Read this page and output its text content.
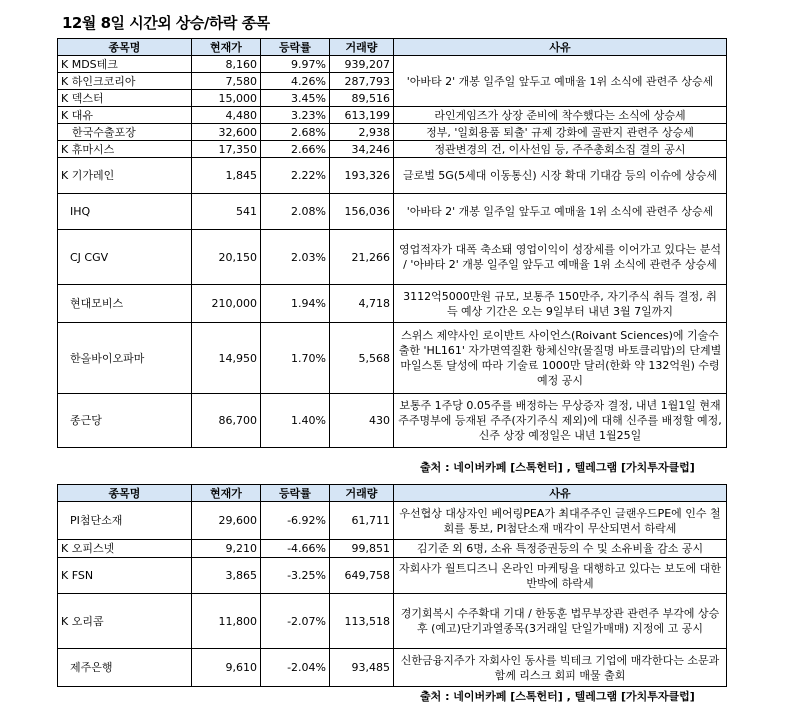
12월 8일 시간외 상승/하락 종목
종목명	현재가	등락률	거래량	사유
K MDS테크	8,160	9.97%	939,207	'아바타 2' 개봉 일주일 앞두고 예매율 1위 소식에 관련주 상승세
K 하인크코리아	7,580	4.26%	287,793	
K 덱스터	15,000	3.45%	89,516	
K 대유	4,480	3.23%	613,199	라인게임즈가 상장 준비에 착수했다는 소식에 상승세
한국수출포장	32,600	2.68%	2,938	정부, '일회용품 퇴출' 규제 강화에 골판지 관련주 상승세
K 휴마시스	17,350	2.66%	34,246	정관변경의 건, 이사선임 등, 주주총회소집 결의 공시
K 기가레인	1,845	2.22%	193,326	글로벌 5G(5세대 이동통신) 시장 확대 기대감 등의 이슈에 상승세
IHQ	541	2.08%	156,036	'아바타 2' 개봉 일주일 앞두고 예매율 1위 소식에 관련주 상승세
CJ CGV	20,150	2.03%	21,266	영업적자가 대폭 축소돼 영업이익이 성장세를 이어가고 있다는 분석 / '아바타 2' 개봉 일주일 앞두고 예매율 1위 소식에 관련주 상승세
현대모비스	210,000	1.94%	4,718	3112억5000만원 규모, 보통주 150만주, 자기주식 취득 결정, 취득 예상 기간은 오는 9일부터 내년 3월 7일까지
한올바이오파마	14,950	1.70%	5,568	스위스 제약사인 로이반트 사이언스(Roivant Sciences)에 기술수출한 'HL161' 자가면역질환 항체신약(물질명 바토클리맙)의 단계별 마일스톤 달성에 따라 기술료 1000만 달러(한화 약 132억원) 수령 예정 공시
종근당	86,700	1.40%	430	보통주 1주당 0.05주를 배정하는 무상증자 결정, 내년 1월1일 현재 주주명부에 등재된 주주(자기주식 제외)에 대해 신주를 배정할 예정, 신주 상장 예정일은 내년 1월25일
출처 : 네이버카페 [스톡헌터] , 텔레그램 [가치투자클럽]
종목명	현재가	등락률	거래량	사유
PI첨단소재	29,600	-6.92%	61,711	우선협상 대상자인 베어링PEA가 최대주주인 글랜우드PE에 인수 철회를 통보, PI첨단소재 매각이 무산되면서 하락세
K 오피스넷	9,210	-4.66%	99,851	김기준 외 6명, 소유 특정증권등의 수 및 소유비율 감소 공시
K FSN	3,865	-3.25%	649,758	자회사가 월트디즈니 온라인 마케팅을 대행하고 있다는 보도에 대한 반박에 하락세
K 오리콤	11,800	-2.07%	113,518	경기회복시 수주확대 기대 / 한동훈 법무부장관 관련주 부각에 상승 후 (예고)단기과열종목(3거래일 단일가매매) 지정에 고 공시
제주은행	9,610	-2.04%	93,485	신한금융지주가 자회사인 동사를 빅테크 기업에 매각한다는 소문과 함께 리스크 회피 매물 출회
출처 : 네이버카페 [스톡헌터] , 텔레그램 [가치투자클럽]
